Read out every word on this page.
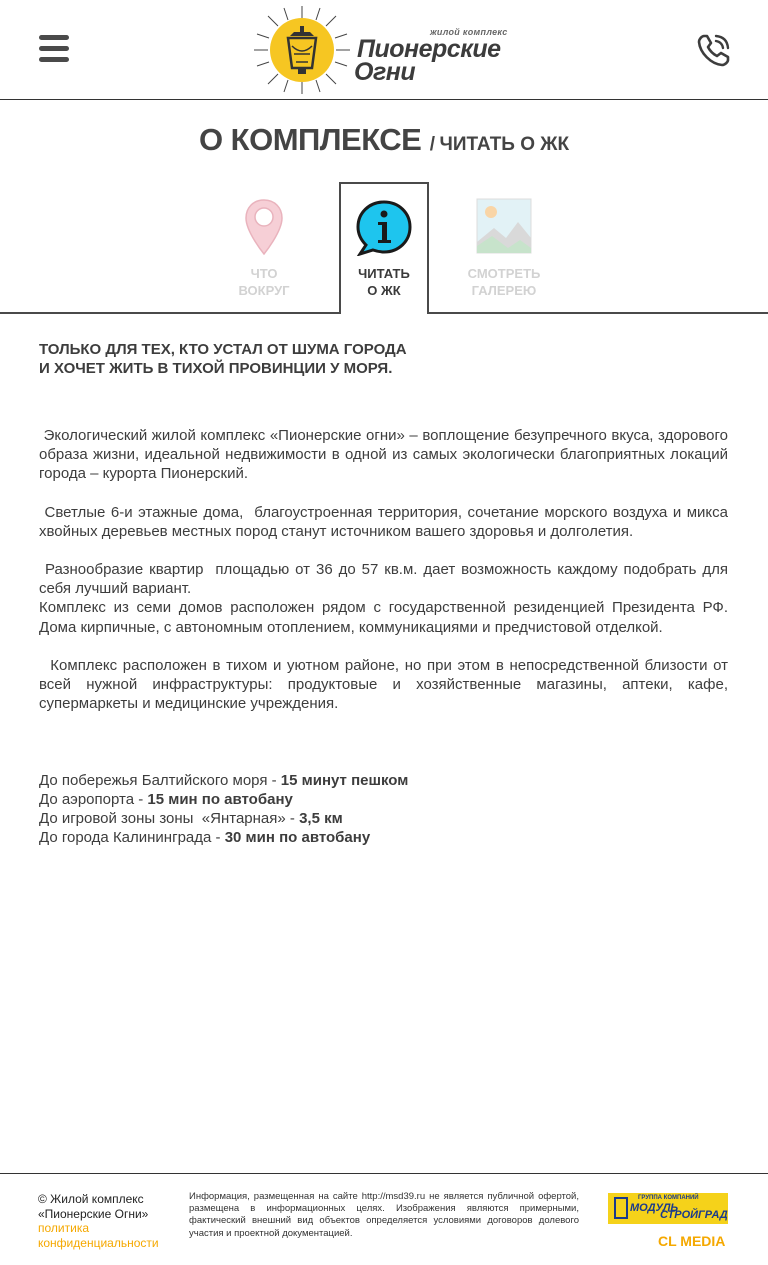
жилой комплекс
Пионерские
Огни
О КОМПЛЕКСЕ / ЧИТАТЬ О ЖК
ЧТО
ВОКРУГ
ЧИТАТЬ
О ЖК
СМОТРЕТЬ
ГАЛЕРЕЮ
ТОЛЬКО ДЛЯ ТЕХ, КТО УСТАЛ ОТ ШУМА ГОРОДА
И ХОЧЕТ ЖИТЬ В ТИХОЙ ПРОВИНЦИИ У МОРЯ.

Экологический жилой комплекс «Пионерские огни» – воплощение безупречного вкуса, здорового образа жизни, идеальной недвижимости в одной из самых экологически благоприятных локаций города – курорта Пионерский.

Светлые 6-и этажные дома,  благоустроенная территория, сочетание морского воздуха и микса хвойных деревьев местных пород станут источником вашего здоровья и долголетия.

Разнообразие квартир  площадью от 36 до 57 кв.м. дает возможность каждому подобрать для себя лучший вариант.

Комплекс из семи домов расположен рядом с государственной резиденцией Президента РФ. Дома кирпичные, с автономным отоплением, коммуникациями и предчистовой отделкой.

Комплекс расположен в тихом и уютном районе, но при этом в непосредственной близости от всей нужной инфраструктуры: продуктовые и хозяйственные магазины, аптеки, кафе, супермаркеты и медицинские учреждения.

До побережья Балтийского моря - 15 минут пешком
До аэропорта - 15 мин по автобану
До игровой зоны зоны  «Янтарная» - 3,5 км
До города Калининграда - 30 мин по автобану
© Жилой комплекс
«Пионерские Огни»
политика
конфиденциальности
Информация, размещенная на сайте http://msd39.ru не является публичной офертой, размещена в информационных целях. Изображения являются примерными, фактический внешний вид объектов определяется условиями договоров долевого участия и проектной документацией.
ГРУППА КОМПАНИЙ
МОДУЛЬ
СТРОЙГРАД
CL MEDIA
